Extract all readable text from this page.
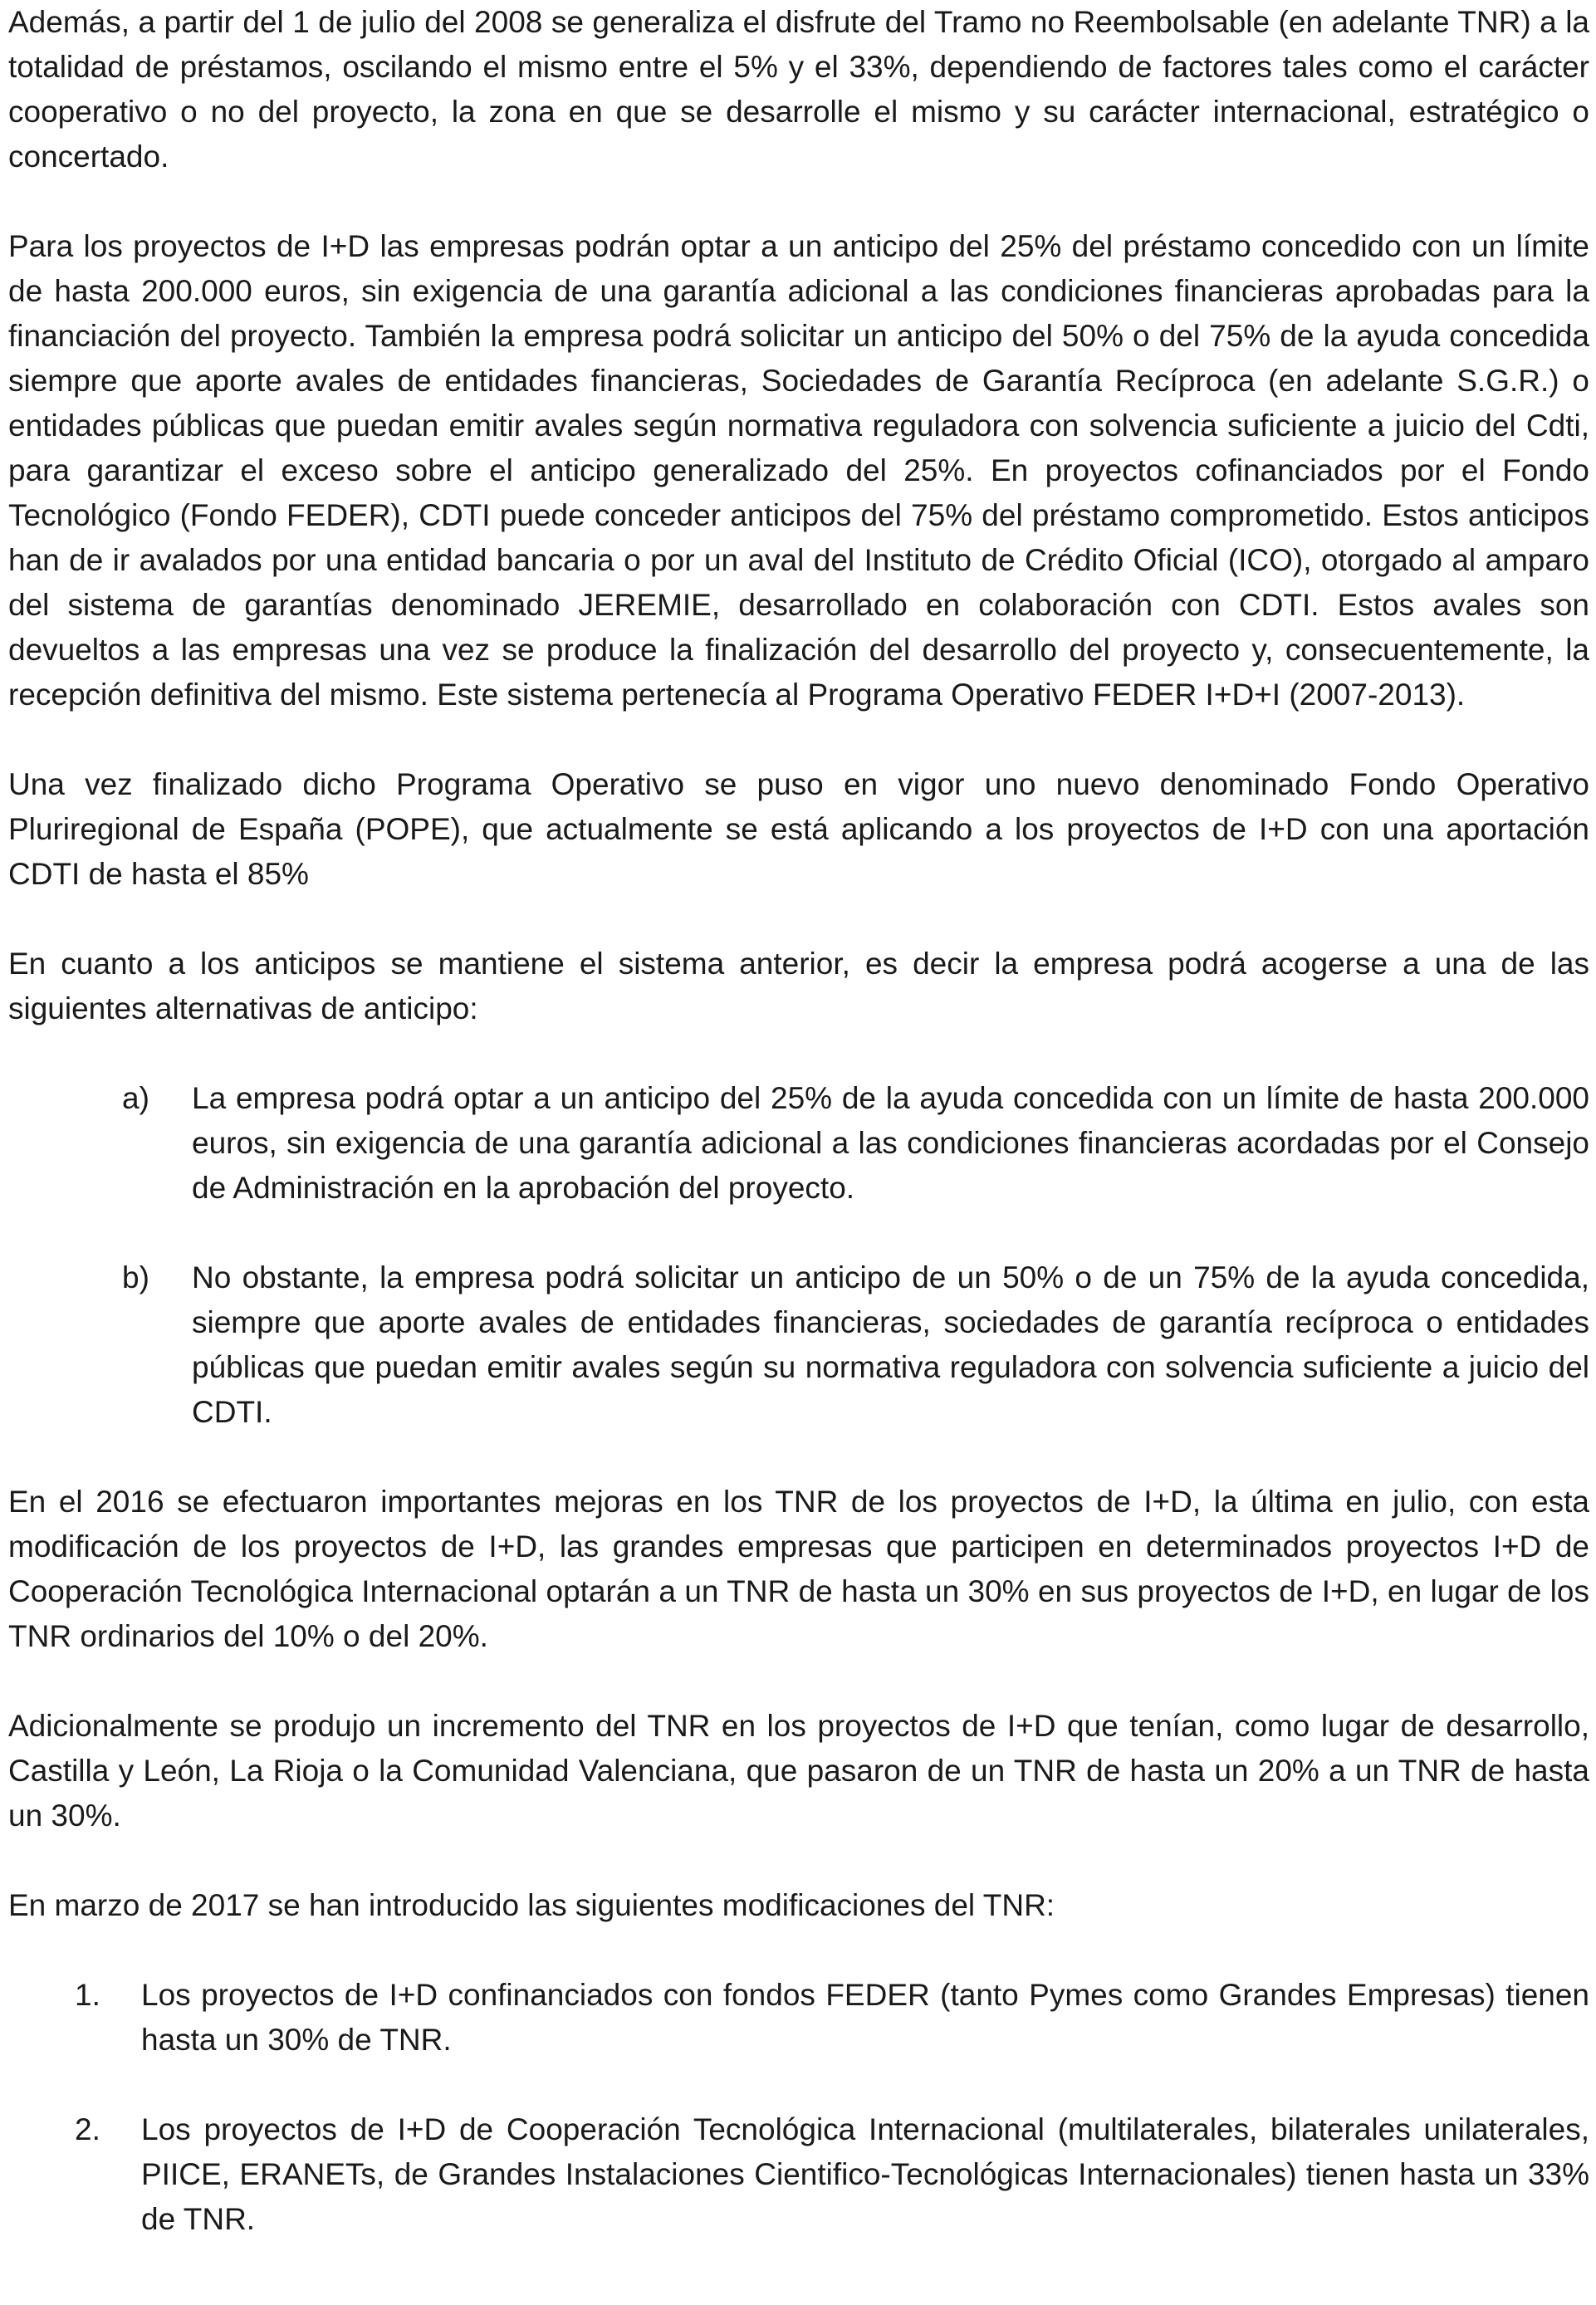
Además, a partir del 1 de julio del 2008 se generaliza el disfrute del Tramo no Reembolsable (en adelante TNR) a la totalidad de préstamos, oscilando el mismo entre el 5% y el 33%, dependiendo de factores tales como el carácter cooperativo o no del proyecto, la zona en que se desarrolle el mismo y su carácter internacional, estratégico o concertado.

Para los proyectos de I+D las empresas podrán optar a un anticipo del 25% del préstamo concedido con un límite de hasta 200.000 euros, sin exigencia de una garantía adicional a las condiciones financieras aprobadas para la financiación del proyecto. También la empresa podrá solicitar un anticipo del 50% o del 75% de la ayuda concedida siempre que aporte avales de entidades financieras, Sociedades de Garantía Recíproca (en adelante S.G.R.) o entidades públicas que puedan emitir avales según normativa reguladora con solvencia suficiente a juicio del Cdti, para garantizar el exceso sobre el anticipo generalizado del 25%. En proyectos cofinanciados por el Fondo Tecnológico (Fondo FEDER), CDTI puede conceder anticipos del 75% del préstamo comprometido. Estos anticipos han de ir avalados por una entidad bancaria o por un aval del Instituto de Crédito Oficial (ICO), otorgado al amparo del sistema de garantías denominado JEREMIE, desarrollado en colaboración con CDTI. Estos avales son devueltos a las empresas una vez se produce la finalización del desarrollo del proyecto y, consecuentemente, la recepción definitiva del mismo. Este sistema pertenecía al Programa Operativo FEDER I+D+I (2007-2013).

Una vez finalizado dicho Programa Operativo se puso en vigor uno nuevo denominado Fondo Operativo Pluriregional de España (POPE), que actualmente se está aplicando a los proyectos de I+D con una aportación CDTI de hasta el 85%

En cuanto a los anticipos se mantiene el sistema anterior, es decir la empresa podrá acogerse a una de las siguientes alternativas de anticipo:

a)	La empresa podrá optar a un anticipo del 25% de la ayuda concedida con un límite de hasta 200.000 euros, sin exigencia de una garantía adicional a las condiciones financieras acordadas por el Consejo de Administración en la aprobación del proyecto.
b)	No obstante, la empresa podrá solicitar un anticipo de un 50% o de un 75% de la ayuda concedida, siempre que aporte avales de entidades financieras, sociedades de garantía recíproca o entidades públicas que puedan emitir avales según su normativa reguladora con solvencia suficiente a juicio del CDTI.

En el 2016 se efectuaron importantes mejoras en los TNR de los proyectos de I+D, la última en julio, con esta modificación de los proyectos de I+D, las grandes empresas que participen en determinados proyectos I+D de Cooperación Tecnológica Internacional optarán a un TNR de hasta un 30% en sus proyectos de I+D, en lugar de los TNR ordinarios del 10% o del 20%.

Adicionalmente se produjo un incremento del TNR en los proyectos de I+D que tenían, como lugar de desarrollo, Castilla y León, La Rioja o la Comunidad Valenciana, que pasaron de un TNR de hasta un 20% a un TNR de hasta un 30%.

En marzo de 2017 se han introducido las siguientes modificaciones del TNR:

1.	Los proyectos de I+D confinanciados con fondos FEDER (tanto Pymes como Grandes Empresas) tienen hasta un 30% de TNR.
2.	Los proyectos de I+D de Cooperación Tecnológica Internacional (multilaterales, bilaterales unilaterales, PIICE, ERANETs, de Grandes Instalaciones Cientifico-Tecnológicas Internacionales) tienen hasta un 33% de TNR.
